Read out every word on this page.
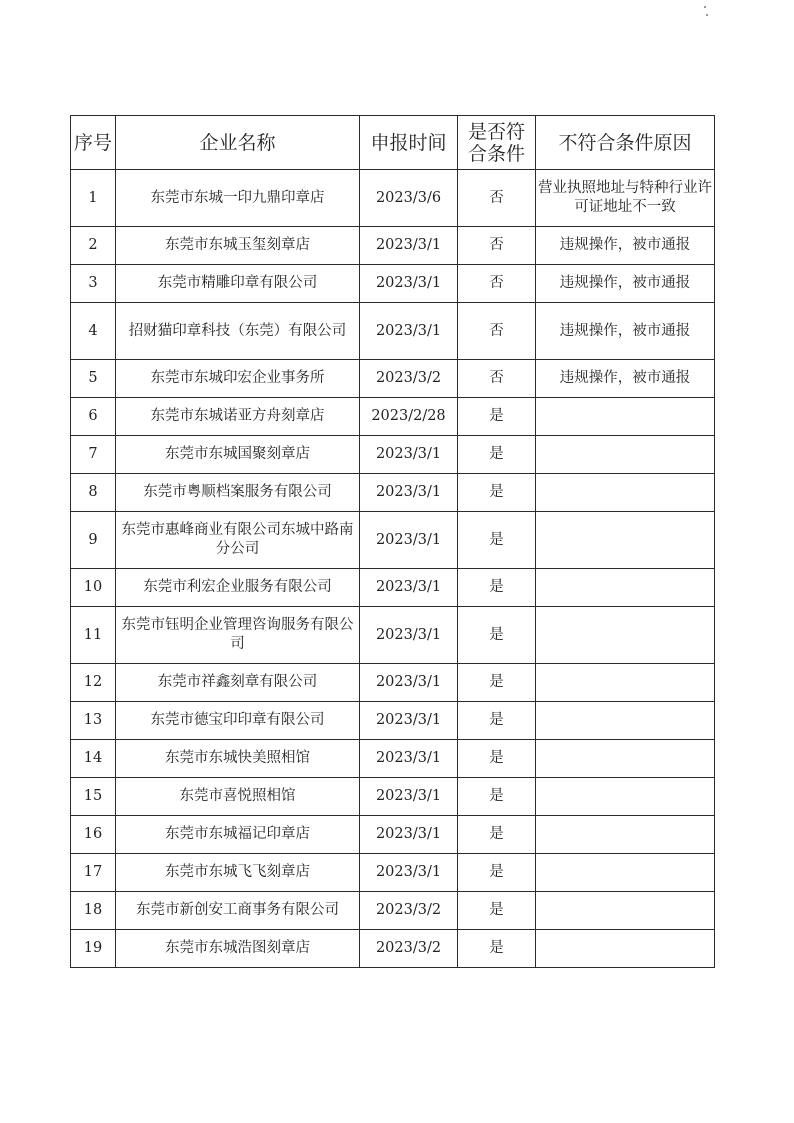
序号	企业名称	申报时间	是否符合条件	不符合条件原因
1	东莞市东城一印九鼎印章店	2023/3/6	否	营业执照地址与特种行业许可证地址不一致
2	东莞市东城玉玺刻章店	2023/3/1	否	违规操作，被市通报
3	东莞市精雕印章有限公司	2023/3/1	否	违规操作，被市通报
4	招财猫印章科技（东莞）有限公司	2023/3/1	否	违规操作，被市通报
5	东莞市东城印宏企业事务所	2023/3/2	否	违规操作，被市通报
6	东莞市东城诺亚方舟刻章店	2023/2/28	是	
7	东莞市东城国聚刻章店	2023/3/1	是	
8	东莞市粤顺档案服务有限公司	2023/3/1	是	
9	东莞市惠峰商业有限公司东城中路南分公司	2023/3/1	是	
10	东莞市利宏企业服务有限公司	2023/3/1	是	
11	东莞市钰明企业管理咨询服务有限公司	2023/3/1	是	
12	东莞市祥鑫刻章有限公司	2023/3/1	是	
13	东莞市德宝印印章有限公司	2023/3/1	是	
14	东莞市东城快美照相馆	2023/3/1	是	
15	东莞市喜悦照相馆	2023/3/1	是	
16	东莞市东城福记印章店	2023/3/1	是	
17	东莞市东城飞飞刻章店	2023/3/1	是	
18	东莞市新创安工商事务有限公司	2023/3/2	是	
19	东莞市东城浩图刻章店	2023/3/2	是	
